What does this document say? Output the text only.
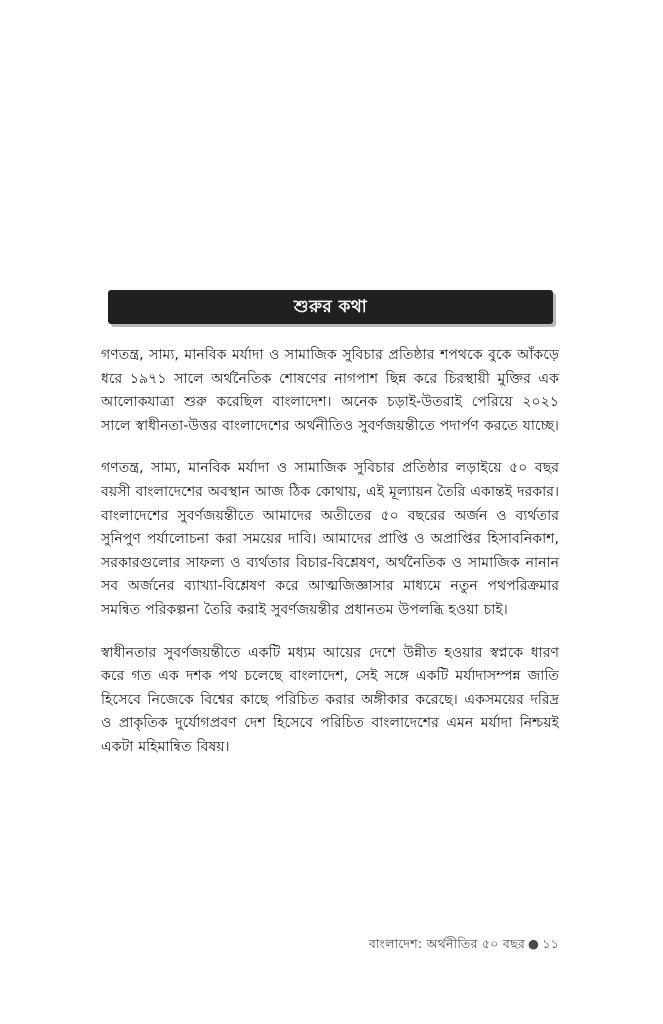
শুরুর কথা

গণতন্ত্র, সাম্য, মানবিক মর্যাদা ও সামাজিক সুবিচার প্রতিষ্ঠার শপথকে বুকে আঁকড়ে ধরে ১৯৭১ সালে অর্থনৈতিক শোষণের নাগপাশ ছিন্ন করে চিরস্থায়ী মুক্তির এক আলোকযাত্রা শুরু করেছিল বাংলাদেশ। অনেক চড়াই-উতরাই পেরিয়ে ২০২১ সালে স্বাধীনতা-উত্তর বাংলাদেশের অর্থনীতিও সুবর্ণজয়ন্তীতে পদার্পণ করতে যাচ্ছে।

গণতন্ত্র, সাম্য, মানবিক মর্যাদা ও সামাজিক সুবিচার প্রতিষ্ঠার লড়াইয়ে ৫০ বছর বয়সী বাংলাদেশের অবস্থান আজ ঠিক কোথায়, এই মূল্যায়ন তৈরি একান্তই দরকার। বাংলাদেশের সুবর্ণজয়ন্তীতে আমাদের অতীতের ৫০ বছরের অর্জন ও ব্যর্থতার সুনিপুণ পর্যালোচনা করা সময়ের দাবি। আমাদের প্রাপ্তি ও অপ্রাপ্তির হিসাবনিকাশ, সরকারগুলোর সাফল্য ও ব্যর্থতার বিচার-বিশ্লেষণ, অর্থনৈতিক ও সামাজিক নানান সব অর্জনের ব্যাখ্যা-বিশ্লেষণ করে আত্মজিজ্ঞাসার মাধ্যমে নতুন পথপরিক্রমার সমন্বিত পরিকল্পনা তৈরি করাই সুবর্ণজয়ন্তীর প্রধানতম উপলব্ধি হওয়া চাই।

স্বাধীনতার সুবর্ণজয়ন্তীতে একটি মধ্যম আয়ের দেশে উন্নীত হওয়ার স্বপ্নকে ধারণ করে গত এক দশক পথ চলেছে বাংলাদেশ, সেই সঙ্গে একটি মর্যাদাসম্পন্ন জাতি হিসেবে নিজেকে বিশ্বের কাছে পরিচিত করার অঙ্গীকার করেছে। একসময়ের দরিদ্র ও প্রাকৃতিক দুর্যোগপ্রবণ দেশ হিসেবে পরিচিত বাংলাদেশের এমন মর্যাদা নিশ্চয়ই একটা মহিমান্বিত বিষয়।

বাংলাদেশ: অর্থনীতির ৫০ বছর ● ১১
